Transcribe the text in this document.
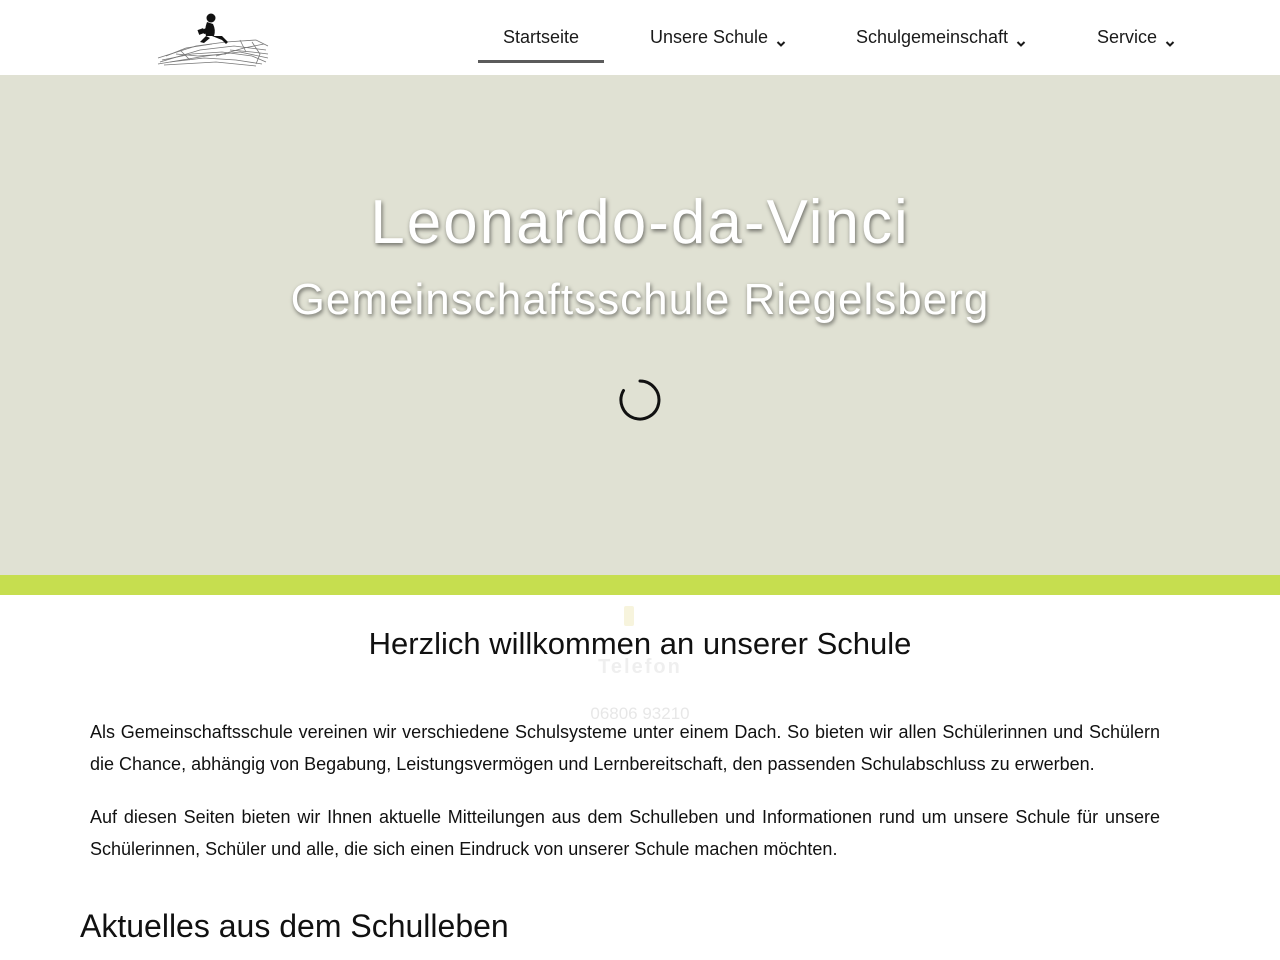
Startseite	Unsere Schule	Schulgemeinschaft	Service
Leonardo-da-Vinci
Gemeinschaftsschule Riegelsberg
Telefon
06806 93210
Herzlich willkommen an unserer Schule

Als Gemeinschaftsschule vereinen wir verschiedene Schulsysteme unter einem Dach. So bieten wir allen Schülerinnen und Schülern die Chance, abhängig von Begabung, Leistungsvermögen und Lernbereitschaft, den passenden Schulabschluss zu erwerben.

Auf diesen Seiten bieten wir Ihnen aktuelle Mitteilungen aus dem Schulleben und Informationen rund um unsere Schule für unsere Schülerinnen, Schüler und alle, die sich einen Eindruck von unserer Schule machen möchten.

Aktuelles aus dem Schulleben
